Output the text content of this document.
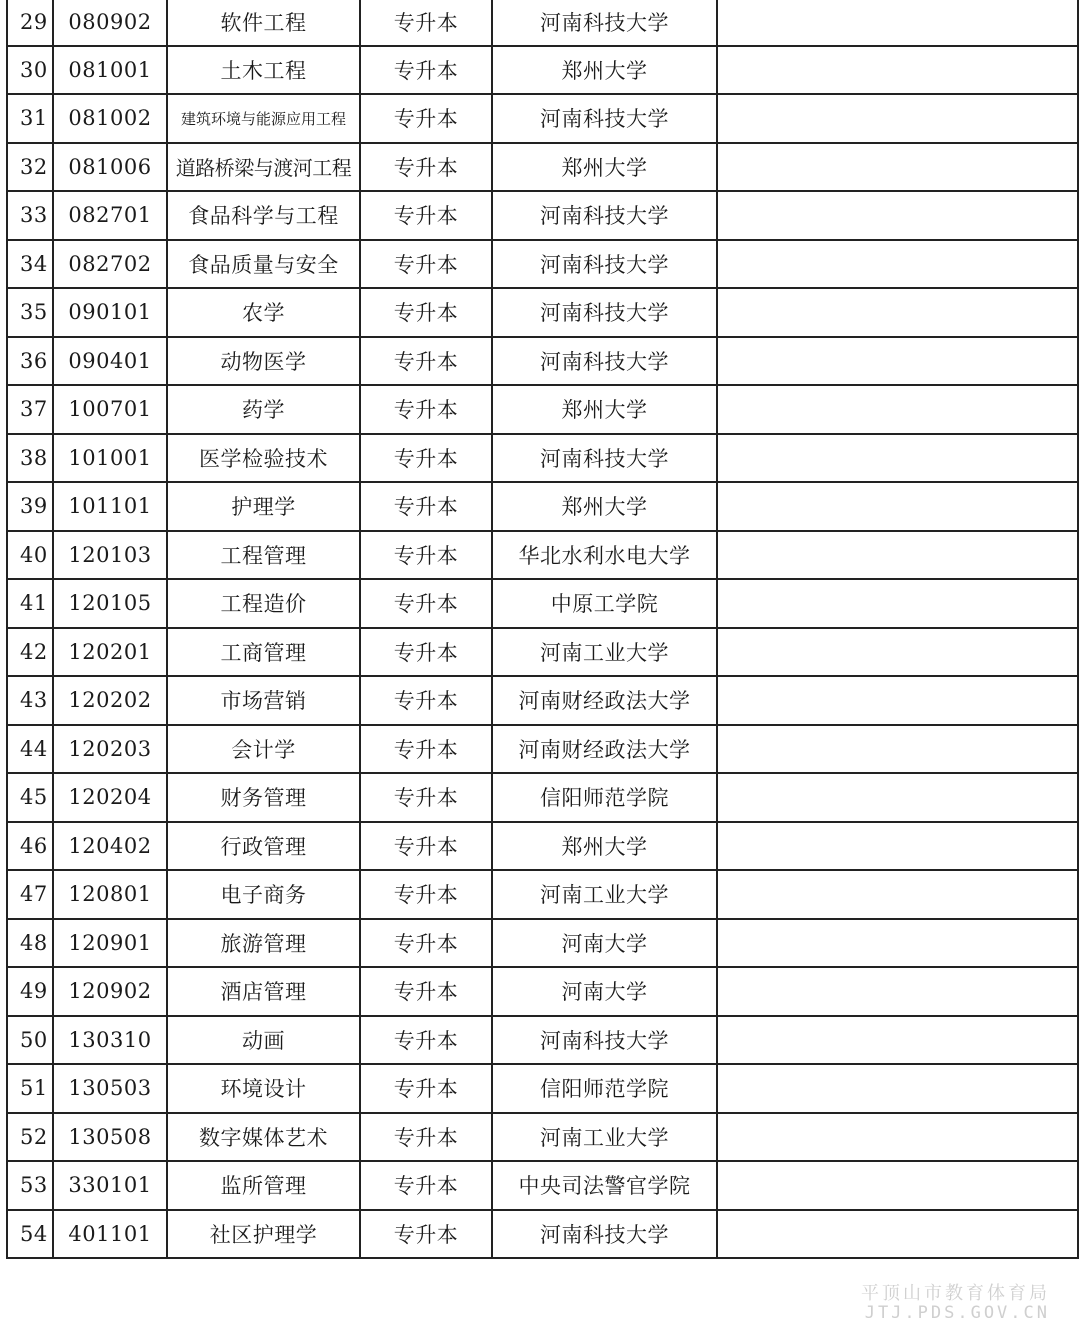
29	080902	软件工程	专升本	河南科技大学	
30	081001	土木工程	专升本	郑州大学	
31	081002	建筑环境与能源应用工程	专升本	河南科技大学	
32	081006	道路桥梁与渡河工程	专升本	郑州大学	
33	082701	食品科学与工程	专升本	河南科技大学	
34	082702	食品质量与安全	专升本	河南科技大学	
35	090101	农学	专升本	河南科技大学	
36	090401	动物医学	专升本	河南科技大学	
37	100701	药学	专升本	郑州大学	
38	101001	医学检验技术	专升本	河南科技大学	
39	101101	护理学	专升本	郑州大学	
40	120103	工程管理	专升本	华北水利水电大学	
41	120105	工程造价	专升本	中原工学院	
42	120201	工商管理	专升本	河南工业大学	
43	120202	市场营销	专升本	河南财经政法大学	
44	120203	会计学	专升本	河南财经政法大学	
45	120204	财务管理	专升本	信阳师范学院	
46	120402	行政管理	专升本	郑州大学	
47	120801	电子商务	专升本	河南工业大学	
48	120901	旅游管理	专升本	河南大学	
49	120902	酒店管理	专升本	河南大学	
50	130310	动画	专升本	河南科技大学	
51	130503	环境设计	专升本	信阳师范学院	
52	130508	数字媒体艺术	专升本	河南工业大学	
53	330101	监所管理	专升本	中央司法警官学院	
54	401101	社区护理学	专升本	河南科技大学	
平顶山市教育体育局
JTJ.PDS.GOV.CN
